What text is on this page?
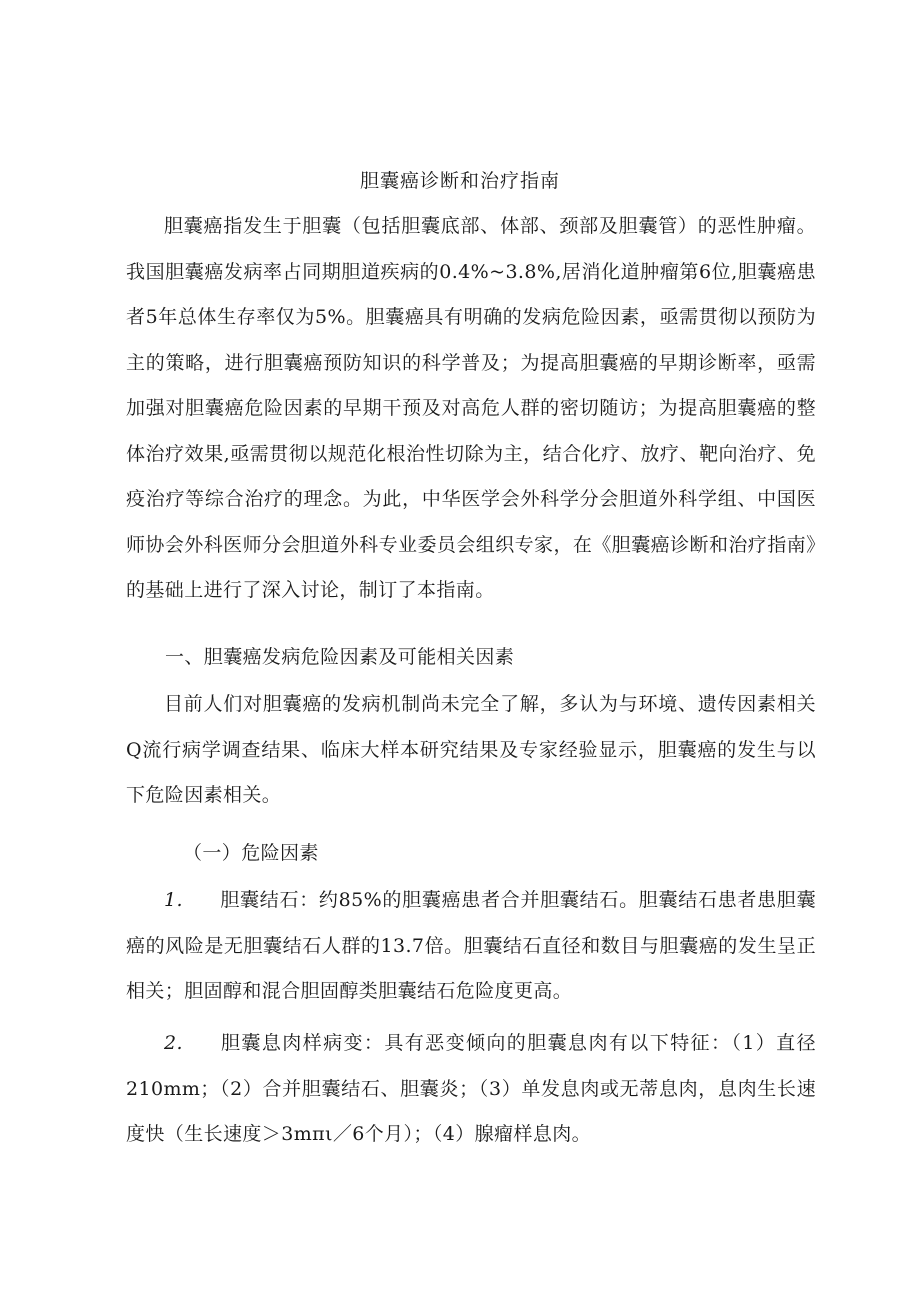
胆囊癌诊断和治疗指南
胆囊癌指发生于胆囊（包括胆囊底部、体部、颈部及胆囊管）的恶性肿瘤。我国胆囊癌发病率占同期胆道疾病的0.4%~3.8%,居消化道肿瘤第6位,胆囊癌患者5年总体生存率仅为5%。胆囊癌具有明确的发病危险因素，亟需贯彻以预防为主的策略，进行胆囊癌预防知识的科学普及；为提高胆囊癌的早期诊断率，亟需加强对胆囊癌危险因素的早期干预及对高危人群的密切随访；为提高胆囊癌的整体治疗效果,亟需贯彻以规范化根治性切除为主，结合化疗、放疗、靶向治疗、免疫治疗等综合治疗的理念。为此，中华医学会外科学分会胆道外科学组、中国医师协会外科医师分会胆道外科专业委员会组织专家，在《胆囊癌诊断和治疗指南》的基础上进行了深入讨论，制订了本指南。
一、胆囊癌发病危险因素及可能相关因素
目前人们对胆囊癌的发病机制尚未完全了解，多认为与环境、遗传因素相关Q流行病学调查结果、临床大样本研究结果及专家经验显示，胆囊癌的发生与以下危险因素相关。
（一）危险因素
1. 胆囊结石：约85%的胆囊癌患者合并胆囊结石。胆囊结石患者患胆囊癌的风险是无胆囊结石人群的13.7倍。胆囊结石直径和数目与胆囊癌的发生呈正相关；胆固醇和混合胆固醇类胆囊结石危险度更高。
2. 胆囊息肉样病变：具有恶变倾向的胆囊息肉有以下特征：（1）直径210mm；（2）合并胆囊结石、胆囊炎；（3）单发息肉或无蒂息肉，息肉生长速度快（生长速度＞3mπι／6个月）；（4）腺瘤样息肉。
